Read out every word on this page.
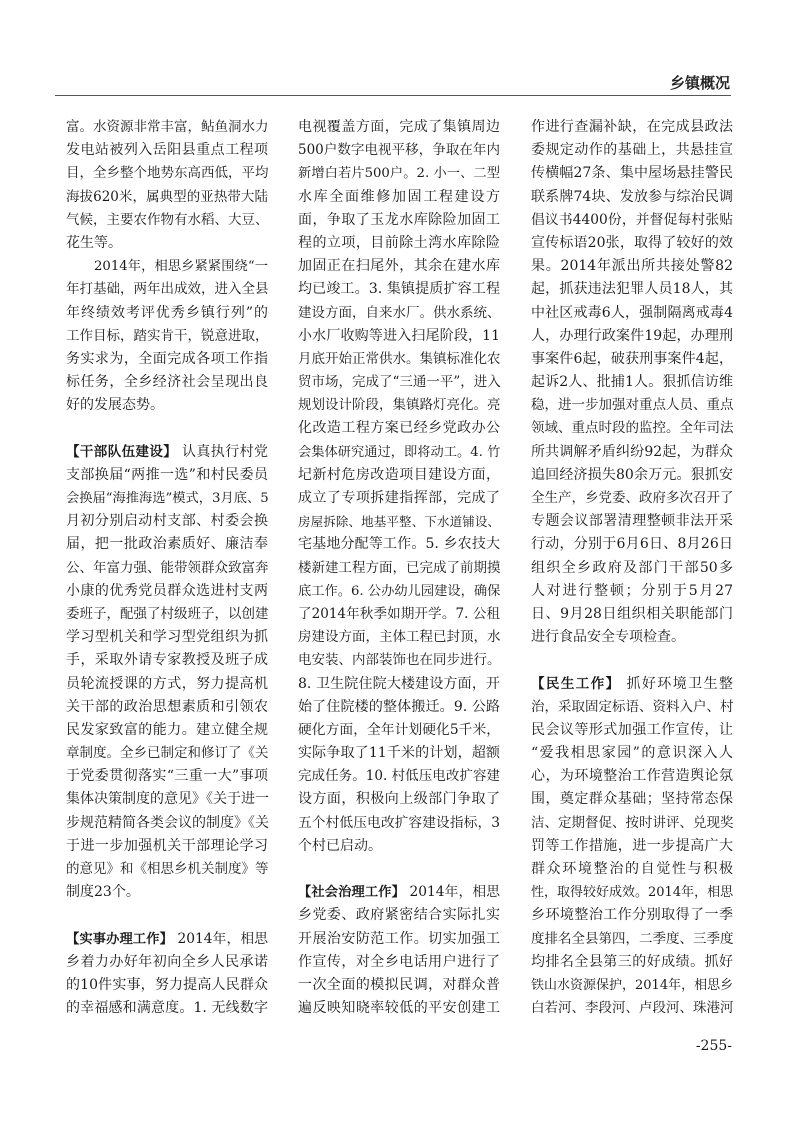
乡镇概况
富。水资源非常丰富，鲇鱼洞水力
发电站被列入岳阳县重点工程项
目，全乡整个地势东高西低，平均
海拔620米，属典型的亚热带大陆
气候，主要农作物有水稻、大豆、
花生等。
2014年，相思乡紧紧围绕“一
年打基础，两年出成效，进入全县
年终绩效考评优秀乡镇行列”的
工作目标，踏实肯干，锐意进取，
务实求为，全面完成各项工作指
标任务，全乡经济社会呈现出良
好的发展态势。
【干部队伍建设】 认真执行村党
支部换届“两推一选”和村民委员
会换届“海推海选”模式，3月底、5
月初分别启动村支部、村委会换
届，把一批政治素质好、廉洁奉
公、年富力强、能带领群众致富奔
小康的优秀党员群众选进村支两
委班子，配强了村级班子，以创建
学习型机关和学习型党组织为抓
手，采取外请专家教授及班子成
员轮流授课的方式，努力提高机
关干部的政治思想素质和引领农
民发家致富的能力。建立健全规
章制度。全乡已制定和修订了《关
于党委贯彻落实“三重一大”事项
集体决策制度的意见》《关于进一
步规范精简各类会议的制度》《关
于进一步加强机关干部理论学习
的意见》和《相思乡机关制度》等
制度23个。
【实事办理工作】 2014年，相思
乡着力办好年初向全乡人民承诺
的10件实事，努力提高人民群众
的幸福感和满意度。1. 无线数字
电视覆盖方面，完成了集镇周边
500户数字电视平移，争取在年内
新增白若片500户。2. 小一、二型
水库全面维修加固工程建设方
面，争取了玉龙水库除险加固工
程的立项，目前除土湾水库除险
加固正在扫尾外，其余在建水库
均已竣工。3. 集镇提质扩容工程
建设方面，自来水厂。供水系统、
小水厂收购等进入扫尾阶段，11
月底开始正常供水。集镇标准化农
贸市场，完成了“三通一平”，进入
规划设计阶段，集镇路灯亮化。亮
化改造工程方案已经乡党政办公
会集体研究通过，即将动工。4. 竹
圮新村危房改造项目建设方面，
成立了专项拆建指挥部，完成了
房屋拆除、地基平整、下水道铺设、
宅基地分配等工作。5. 乡农技大
楼新建工程方面，已完成了前期摸
底工作。6. 公办幼儿园建设，确保
了2014年秋季如期开学。7. 公租
房建设方面，主体工程已封顶，水
电安装、内部装饰也在同步进行。
8. 卫生院住院大楼建设方面，开
始了住院楼的整体搬迁。9. 公路
硬化方面，全年计划硬化5千米，
实际争取了11千米的计划，超额
完成任务。10. 村低压电改扩容建
设方面，积极向上级部门争取了
五个村低压电改扩容建设指标，3
个村已启动。
【社会治理工作】 2014年，相思
乡党委、政府紧密结合实际扎实
开展治安防范工作。切实加强工
作宣传，对全乡电话用户进行了
一次全面的模拟民调，对群众普
遍反映知晓率较低的平安创建工
作进行查漏补缺，在完成县政法
委规定动作的基础上，共悬挂宣
传横幅27条、集中屋场悬挂警民
联系牌74块、发放参与综治民调
倡议书4400份，并督促每村张贴
宣传标语20张，取得了较好的效
果。2014年派出所共接处警82
起，抓获违法犯罪人员18人，其
中社区戒毒6人，强制隔离戒毒4
人，办理行政案件19起，办理刑
事案件6起，破获刑事案件4起，
起诉2人、批捕1人。狠抓信访维
稳，进一步加强对重点人员、重点
领域、重点时段的监控。全年司法
所共调解矛盾纠纷92起，为群众
追回经济损失80余万元。狠抓安
全生产，乡党委、政府多次召开了
专题会议部署清理整顿非法开采
行动，分别于6月6日、8月26日
组织全乡政府及部门干部50多
人对进行整顿；分别于5月27
日、9月28日组织相关职能部门
进行食品安全专项检查。
【民生工作】 抓好环境卫生整
治，采取固定标语、资料入户、村
民会议等形式加强工作宣传，让
“爱我相思家园”的意识深入人
心，为环境整治工作营造舆论氛
围，奠定群众基础；坚持常态保
洁、定期督促、按时讲评、兑现奖
罚等工作措施，进一步提高广大
群众环境整治的自觉性与积极
性，取得较好成效。2014年，相思
乡环境整治工作分别取得了一季
度排名全县第四，二季度、三季度
均排名全县第三的好成绩。抓好
铁山水资源保护，2014年，相思乡
白若河、李段河、卢段河、珠港河
-255-
